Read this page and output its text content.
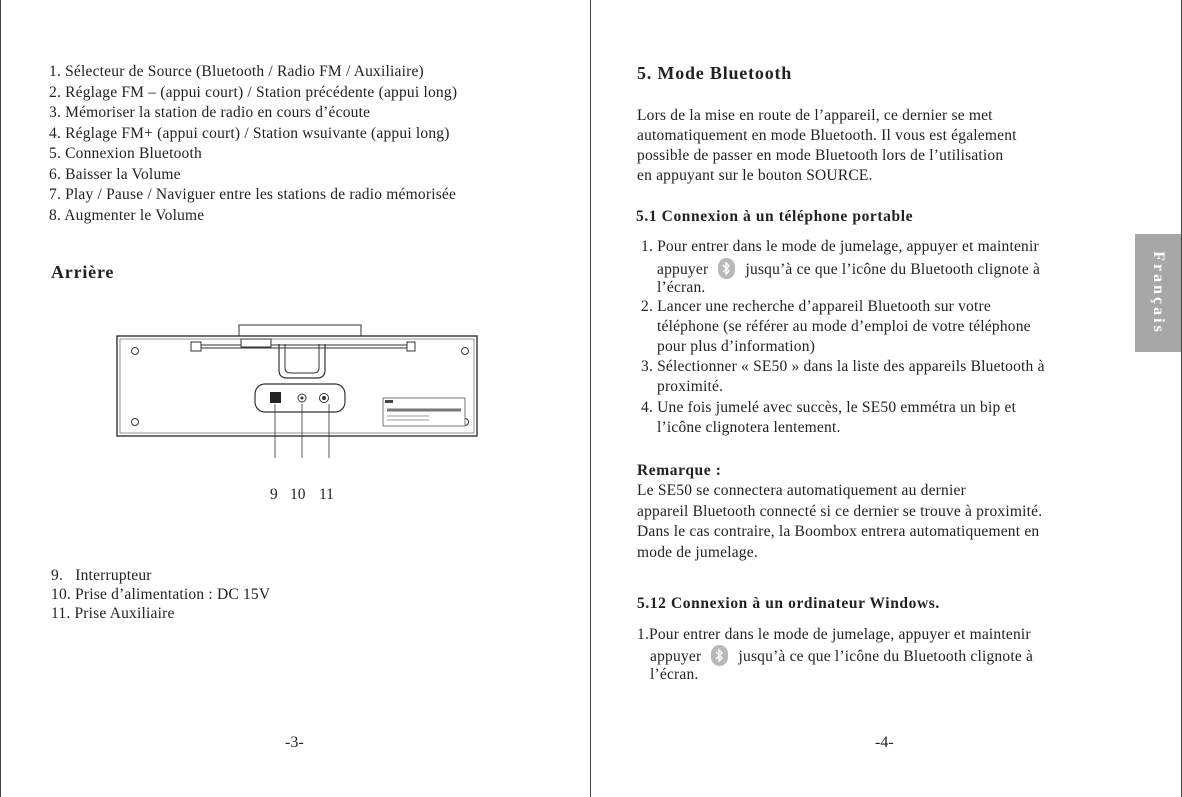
1. Sélecteur de Source (Bluetooth / Radio FM / Auxiliaire)
2. Réglage FM – (appui court) / Station précédente (appui long)
3. Mémoriser la station de radio en cours d’écoute
4. Réglage FM+ (appui court) / Station wsuivante (appui long)
5. Connexion Bluetooth
6. Baisser la Volume
7. Play / Pause / Naviguer entre les stations de radio mémorisée
8. Augmenter le Volume
Arrière
9 10 11
9.   Interrupteur
10. Prise d’alimentation : DC 15V
11. Prise Auxiliaire
-3-
5. Mode Bluetooth
Lors de la mise en route de l’appareil, ce dernier se met
automatiquement en mode Bluetooth. Il vous est également
possible de passer en mode Bluetooth lors de l’utilisation
en appuyant sur le bouton SOURCE.
5.1 Connexion à un téléphone portable
1. Pour entrer dans le mode de jumelage, appuyer et maintenir
appuyer jusqu’à ce que l’icône du Bluetooth clignote à
l’écran.
2. Lancer une recherche d’appareil Bluetooth sur votre
téléphone (se référer au mode d’emploi de votre téléphone
pour plus d’information)
3. Sélectionner « SE50 » dans la liste des appareils Bluetooth à
proximité.
4. Une fois jumelé avec succès, le SE50 emmétra un bip et
l’icône clignotera lentement.
Remarque :
Le SE50 se connectera automatiquement au dernier
appareil Bluetooth connecté si ce dernier se trouve à proximité.
Dans le cas contraire, la Boombox entrera automatiquement en
mode de jumelage.
5.12 Connexion à un ordinateur Windows.
1.Pour entrer dans le mode de jumelage, appuyer et maintenir
appuyer jusqu’à ce que l’icône du Bluetooth clignote à
l’écran.
Français
-4-
